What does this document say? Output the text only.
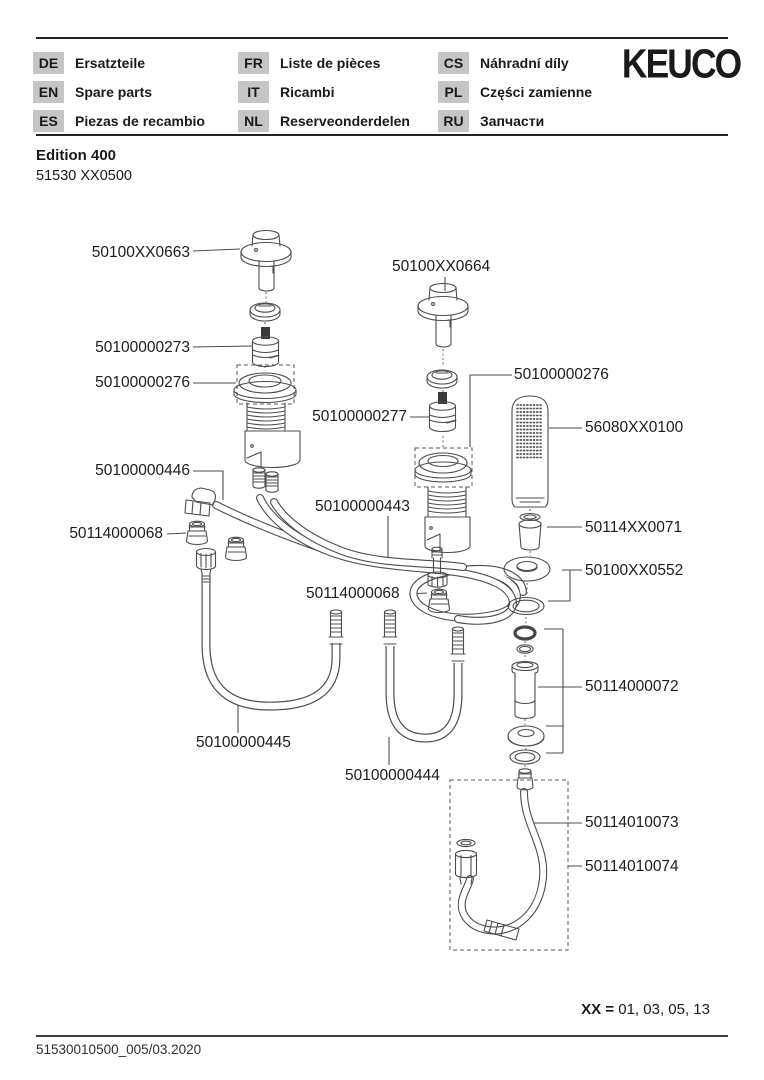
DE	Ersatzteile
EN	Spare parts
ES	Piezas de recambio
FR	Liste de pièces
IT	Ricambi
NL	Reserveonderdelen
CS	Náhradní díly
PL	Części zamienne
RU	Запчасти
KEUCO
Edition 400
51530 XX0500
50100XX0663
50100000273
50100000276
50100000446
50114000068
50100000277
50100XX0664
50100000276
56080XX0100
50114XX0071
50100XX0552
50114000072
50114010073
50114010074
50100000443
50114000068
50100000445
50100000444
XX = 01, 03, 05, 13
51530010500_005/03.2020
